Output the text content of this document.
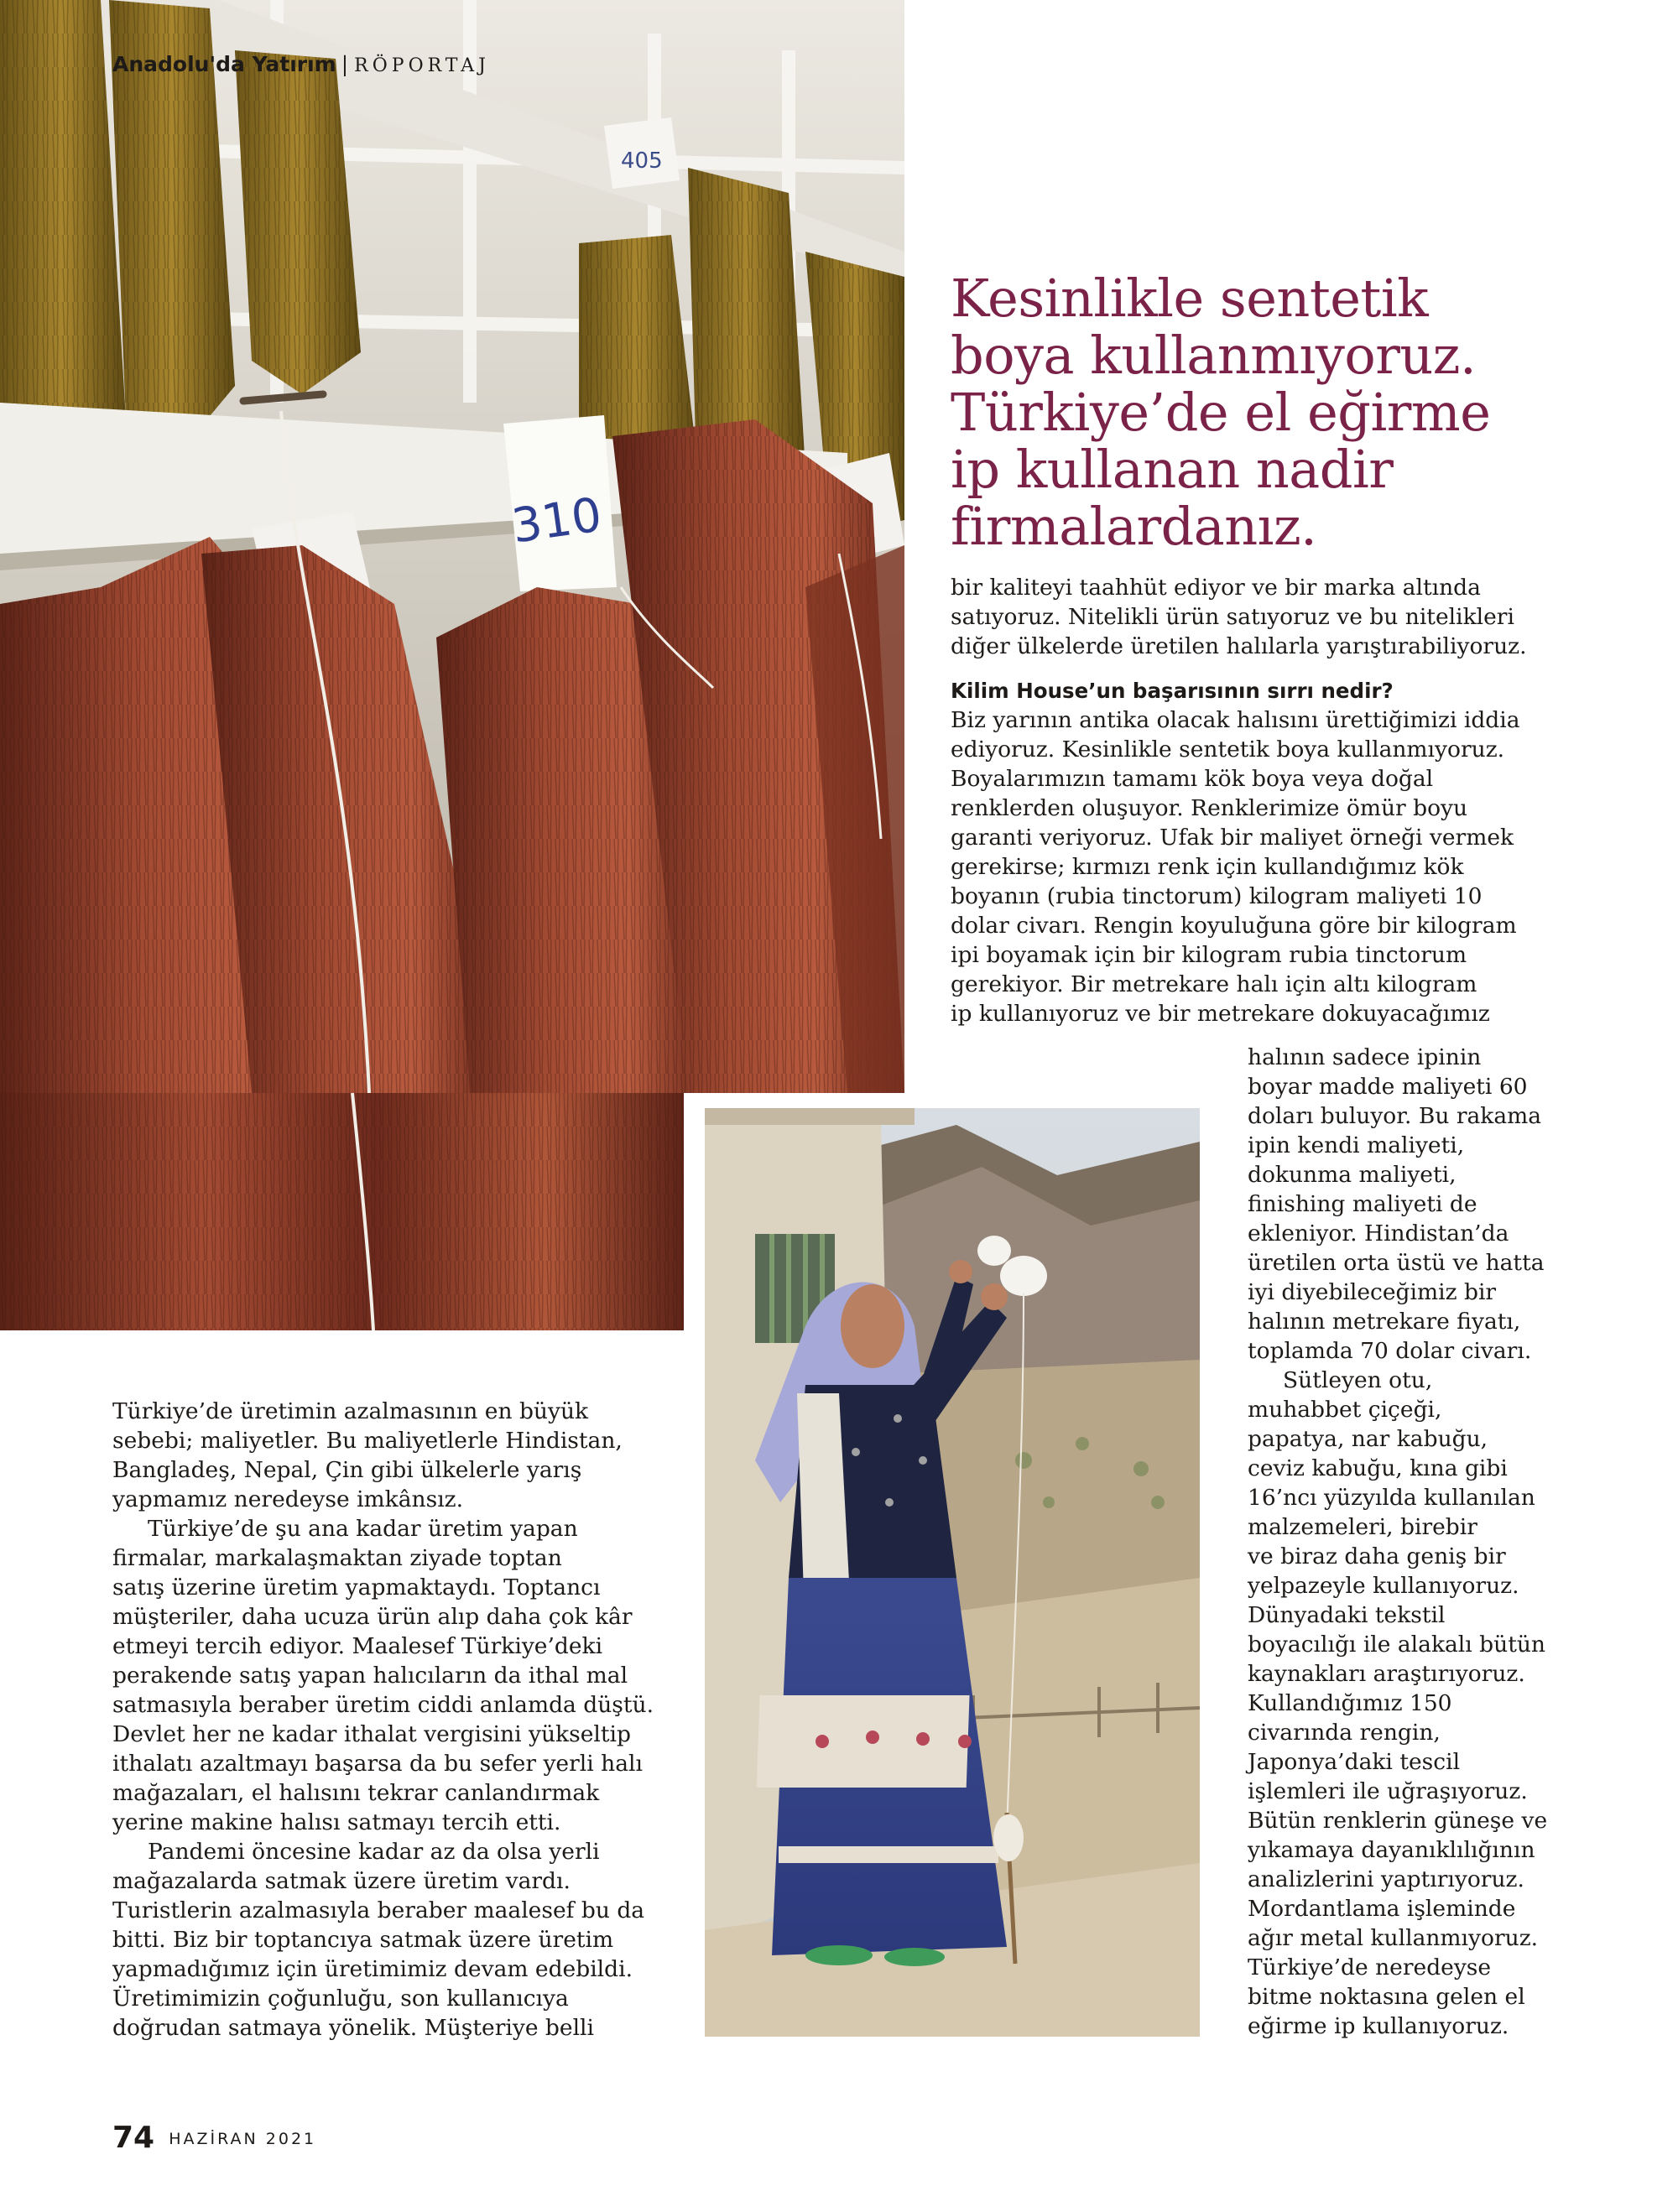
405
310
Anadolu'da Yatırım | RÖPORTAJ
Kesinlikle sentetik
boya kullanmıyoruz.
Türkiye’de el eğirme
ip kullanan nadir
firmalardanız.

bir kaliteyi taahhüt ediyor ve bir marka altında

satıyoruz. Nitelikli ürün satıyoruz ve bu nitelikleri

diğer ülkelerde üretilen halılarla yarıştırabiliyoruz.

Kilim House’un başarısının sırrı nedir?

Biz yarının antika olacak halısını ürettiğimizi iddia

ediyoruz. Kesinlikle sentetik boya kullanmıyoruz.

Boyalarımızın tamamı kök boya veya doğal

renklerden oluşuyor. Renklerimize ömür boyu

garanti veriyoruz. Ufak bir maliyet örneği vermek

gerekirse; kırmızı renk için kullandığımız kök

boyanın (rubia tinctorum) kilogram maliyeti 10

dolar civarı. Rengin koyuluğuna göre bir kilogram

ipi boyamak için bir kilogram rubia tinctorum

gerekiyor. Bir metrekare halı için altı kilogram

ip kullanıyoruz ve bir metrekare dokuyacağımız

halının sadece ipinin

boyar madde maliyeti 60

doları buluyor. Bu rakama

ipin kendi maliyeti,

dokunma maliyeti,

finishing maliyeti de

ekleniyor. Hindistan’da

üretilen orta üstü ve hatta

iyi diyebileceğimiz bir

halının metrekare fiyatı,

toplamda 70 dolar civarı.

Sütleyen otu,

muhabbet çiçeği,

papatya, nar kabuğu,

ceviz kabuğu, kına gibi

16’ncı yüzyılda kullanılan

malzemeleri, birebir

ve biraz daha geniş bir

yelpazeyle kullanıyoruz.

Dünyadaki tekstil

boyacılığı ile alakalı bütün

kaynakları araştırıyoruz.

Kullandığımız 150

civarında rengin,

Japonya’daki tescil

işlemleri ile uğraşıyoruz.

Bütün renklerin güneşe ve

yıkamaya dayanıklılığının

analizlerini yaptırıyoruz.

Mordantlama işleminde

ağır metal kullanmıyoruz.

Türkiye’de neredeyse

bitme noktasına gelen el

eğirme ip kullanıyoruz.

Türkiye’de üretimin azalmasının en büyük

sebebi; maliyetler. Bu maliyetlerle Hindistan,

Bangladeş, Nepal, Çin gibi ülkelerle yarış

yapmamız neredeyse imkânsız.

Türkiye’de şu ana kadar üretim yapan

firmalar, markalaşmaktan ziyade toptan

satış üzerine üretim yapmaktaydı. Toptancı

müşteriler, daha ucuza ürün alıp daha çok kâr

etmeyi tercih ediyor. Maalesef Türkiye’deki

perakende satış yapan halıcıların da ithal mal

satmasıyla beraber üretim ciddi anlamda düştü.

Devlet her ne kadar ithalat vergisini yükseltip

ithalatı azaltmayı başarsa da bu sefer yerli halı

mağazaları, el halısını tekrar canlandırmak

yerine makine halısı satmayı tercih etti.

Pandemi öncesine kadar az da olsa yerli

mağazalarda satmak üzere üretim vardı.

Turistlerin azalmasıyla beraber maalesef bu da

bitti. Biz bir toptancıya satmak üzere üretim

yapmadığımız için üretimimiz devam edebildi.

Üretimimizin çoğunluğu, son kullanıcıya

doğrudan satmaya yönelik. Müşteriye belli

74 HAZİRAN 2021
